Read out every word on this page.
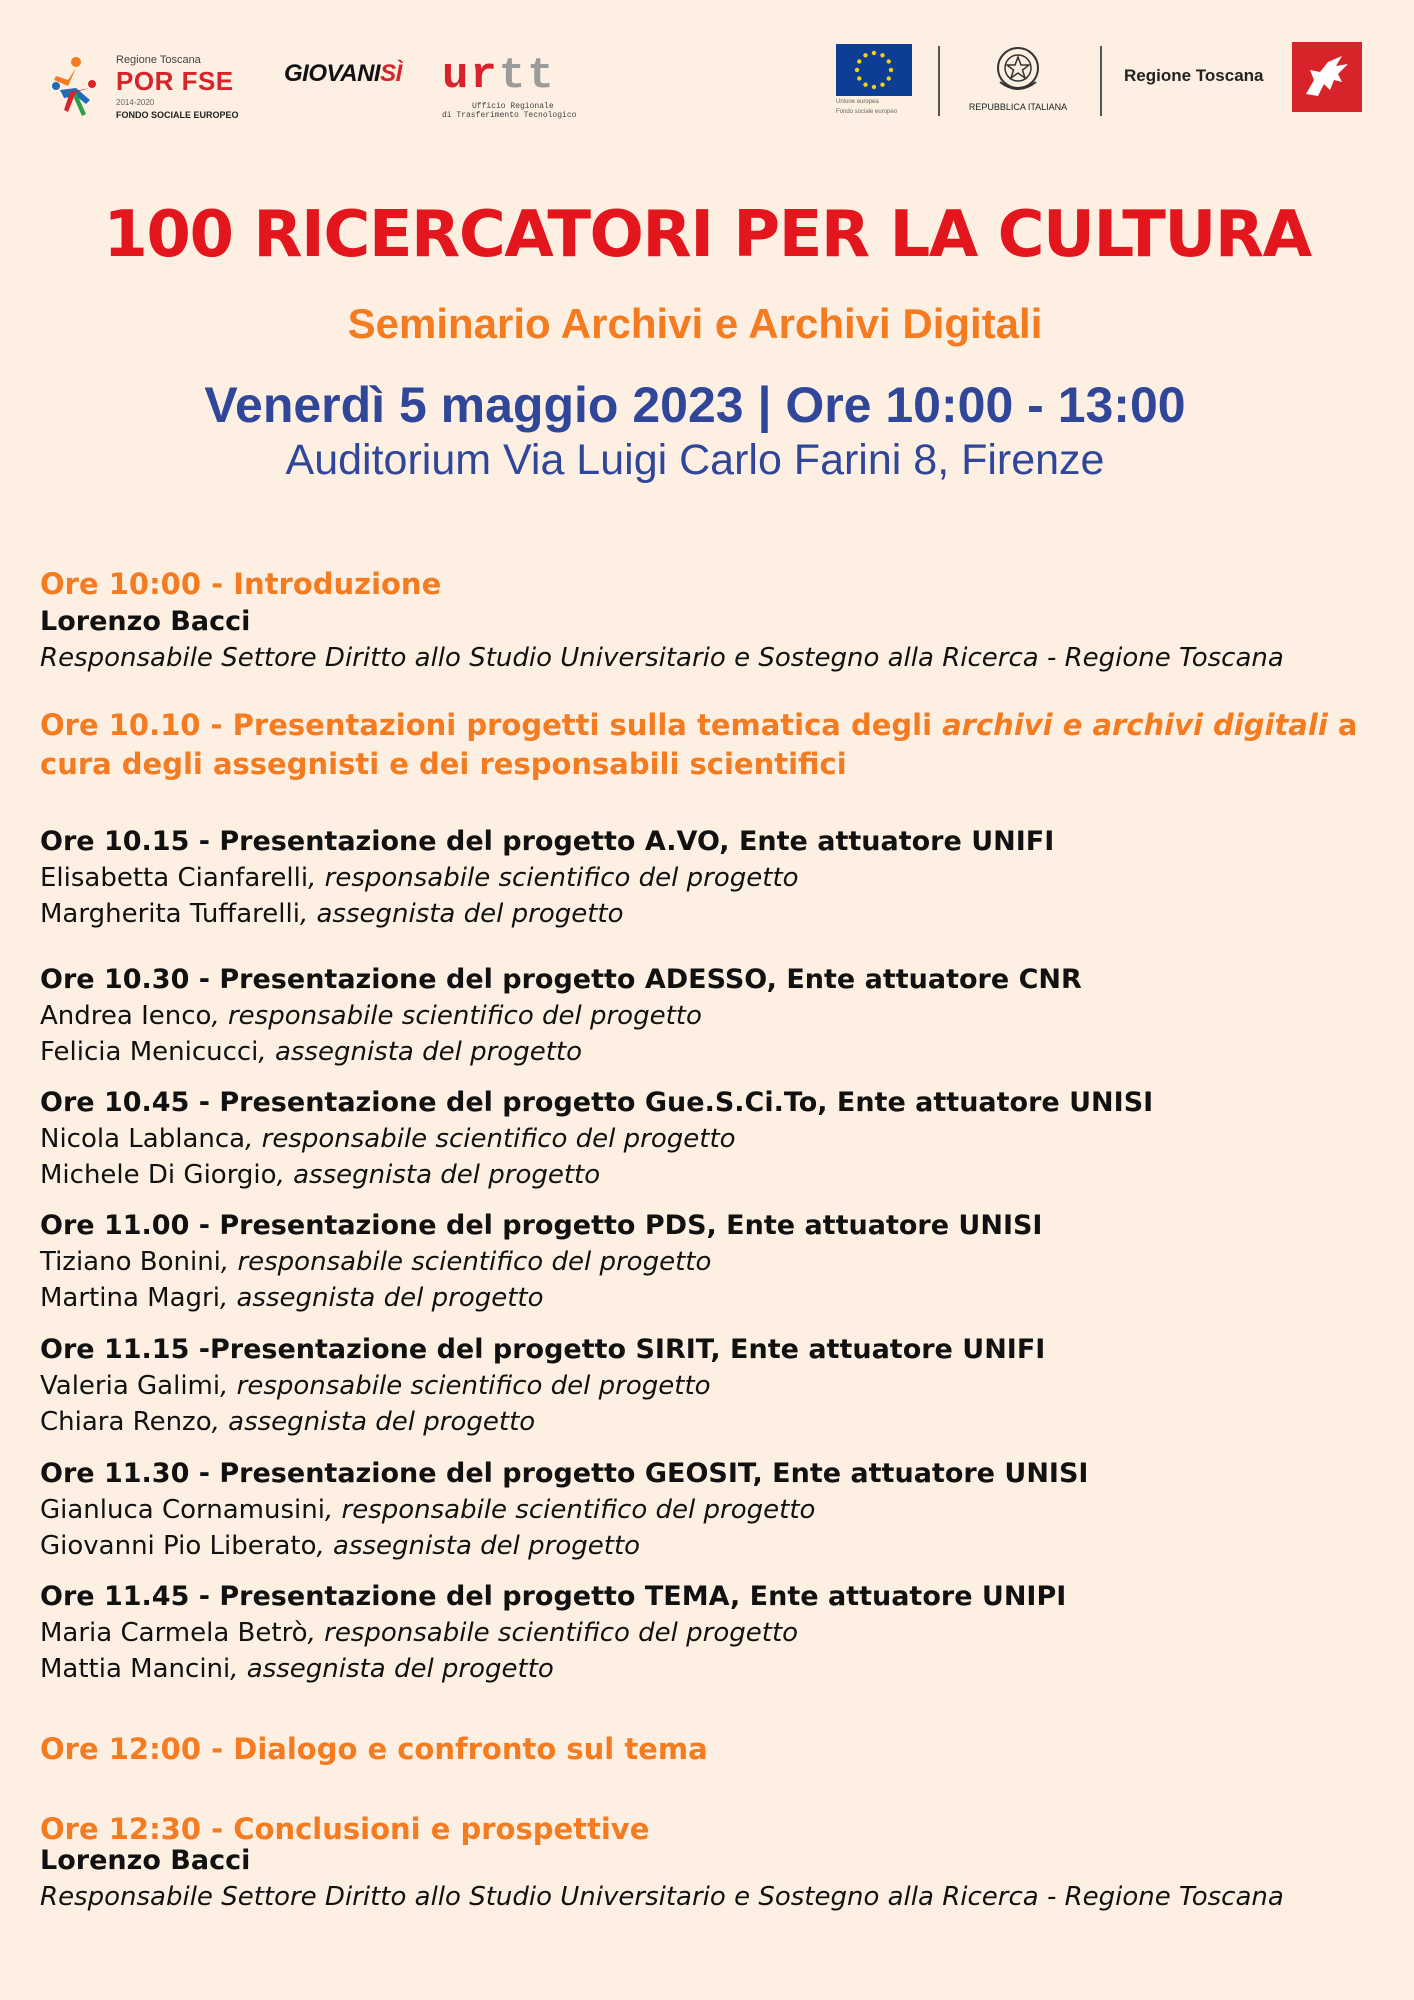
Regione Toscana
POR FSE
2014-2020
FONDO SOCIALE EUROPEO
GIOVANISÌ urtt
Ufficio Regionale
di Trasferimento Tecnologico
Unione europea
Fondo sociale europeo	REPUBBLICA ITALIANA
Regione Toscana
100 RICERCATORI PER LA CULTURA
Seminario Archivi e Archivi Digitali
Venerdì 5 maggio 2023 | Ore 10:00 - 13:00
Auditorium Via Luigi Carlo Farini 8, Firenze

Ore 10:00 - Introduzione

Lorenzo Bacci

Responsabile Settore Diritto allo Studio Universitario e Sostegno alla Ricerca - Regione Toscana

Ore 10.10 - Presentazioni progetti sulla tematica degli archivi e archivi digitali a cura degli assegnisti e dei responsabili scientifici

Ore 10.15 - Presentazione del progetto A.VO, Ente attuatore UNIFI

Elisabetta Cianfarelli, responsabile scientifico del progetto

Margherita Tuffarelli, assegnista del progetto

Ore 10.30 - Presentazione del progetto ADESSO, Ente attuatore CNR

Andrea Ienco, responsabile scientifico del progetto

Felicia Menicucci, assegnista del progetto

Ore 10.45 - Presentazione del progetto Gue.S.Ci.To, Ente attuatore UNISI

Nicola Lablanca, responsabile scientifico del progetto

Michele Di Giorgio, assegnista del progetto

Ore 11.00 - Presentazione del progetto PDS, Ente attuatore UNISI

Tiziano Bonini, responsabile scientifico del progetto

Martina Magri, assegnista del progetto

Ore 11.15 -Presentazione del progetto SIRIT, Ente attuatore UNIFI

Valeria Galimi, responsabile scientifico del progetto

Chiara Renzo, assegnista del progetto

Ore 11.30 - Presentazione del progetto GEOSIT, Ente attuatore UNISI

Gianluca Cornamusini, responsabile scientifico del progetto

Giovanni Pio Liberato, assegnista del progetto

Ore 11.45 - Presentazione del progetto TEMA, Ente attuatore UNIPI

Maria Carmela Betrò, responsabile scientifico del progetto

Mattia Mancini, assegnista del progetto

Ore 12:00 - Dialogo e confronto sul tema

Ore 12:30 - Conclusioni e prospettive

Lorenzo Bacci

Responsabile Settore Diritto allo Studio Universitario e Sostegno alla Ricerca - Regione Toscana
